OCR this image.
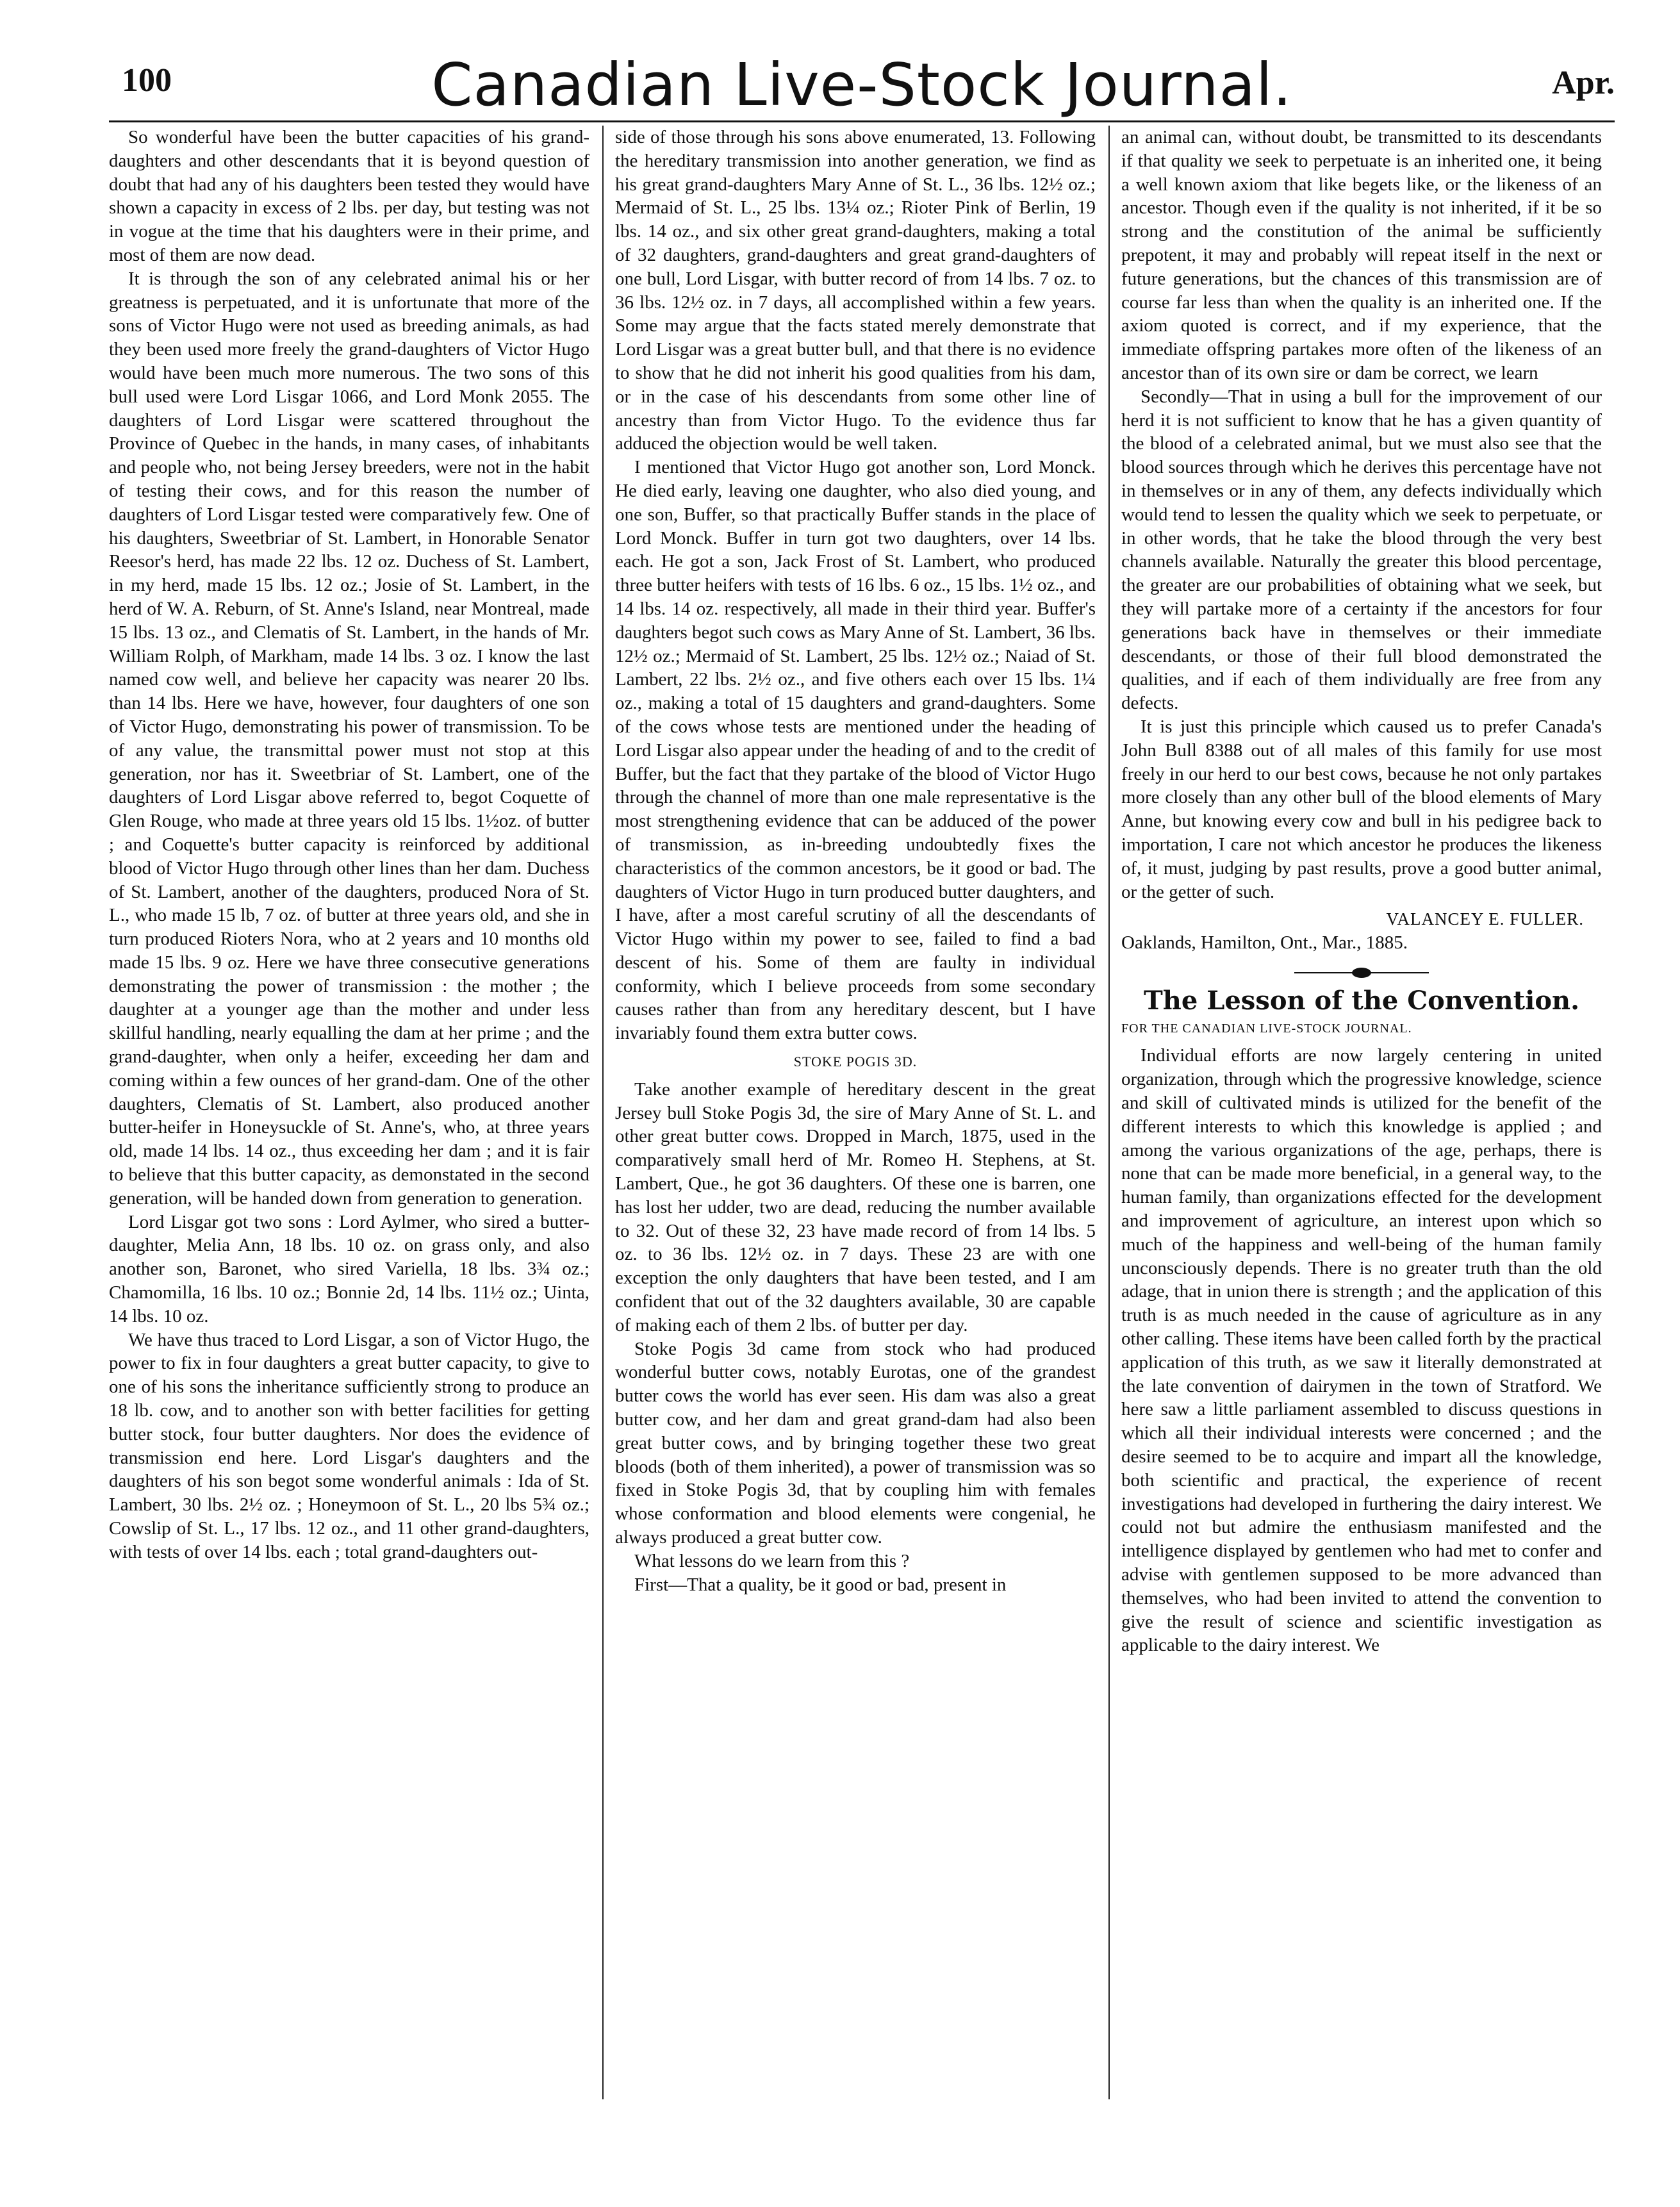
100	Canadian Live-Stock Journal.	Apr.

So wonderful have been the butter capacities of his grand-daughters and other descendants that it is beyond question of doubt that had any of his daughters been tested they would have shown a capacity in excess of 2 lbs. per day, but testing was not in vogue at the time that his daughters were in their prime, and most of them are now dead.

It is through the son of any celebrated animal his or her greatness is perpetuated, and it is unfortunate that more of the sons of Victor Hugo were not used as breeding animals, as had they been used more freely the grand-daughters of Victor Hugo would have been much more numerous. The two sons of this bull used were Lord Lisgar 1066, and Lord Monk 2055. The daughters of Lord Lisgar were scattered throughout the Province of Quebec in the hands, in many cases, of inhabitants and people who, not being Jersey breeders, were not in the habit of testing their cows, and for this reason the number of daughters of Lord Lisgar tested were comparatively few. One of his daughters, Sweetbriar of St. Lambert, in Honorable Senator Reesor's herd, has made 22 lbs. 12 oz. Duchess of St. Lambert, in my herd, made 15 lbs. 12 oz.; Josie of St. Lambert, in the herd of W. A. Reburn, of St. Anne's Island, near Montreal, made 15 lbs. 13 oz., and Clematis of St. Lambert, in the hands of Mr. William Rolph, of Markham, made 14 lbs. 3 oz. I know the last named cow well, and believe her capacity was nearer 20 lbs. than 14 lbs. Here we have, however, four daughters of one son of Victor Hugo, demonstrating his power of transmission. To be of any value, the transmittal power must not stop at this generation, nor has it. Sweetbriar of St. Lambert, one of the daughters of Lord Lisgar above referred to, begot Coquette of Glen Rouge, who made at three years old 15 lbs. 1½oz. of butter ; and Coquette's butter capacity is reinforced by additional blood of Victor Hugo through other lines than her dam. Duchess of St. Lambert, another of the daughters, produced Nora of St. L., who made 15 lb, 7 oz. of butter at three years old, and she in turn produced Rioters Nora, who at 2 years and 10 months old made 15 lbs. 9 oz. Here we have three consecutive generations demonstrating the power of transmission : the mother ; the daughter at a younger age than the mother and under less skillful handling, nearly equalling the dam at her prime ; and the grand-daughter, when only a heifer, exceeding her dam and coming within a few ounces of her grand-dam. One of the other daughters, Clematis of St. Lambert, also produced another butter-heifer in Honeysuckle of St. Anne's, who, at three years old, made 14 lbs. 14 oz., thus exceeding her dam ; and it is fair to believe that this butter capacity, as demonstated in the second generation, will be handed down from generation to generation.

Lord Lisgar got two sons : Lord Aylmer, who sired a butter-daughter, Melia Ann, 18 lbs. 10 oz. on grass only, and also another son, Baronet, who sired Variella, 18 lbs. 3¾ oz.; Chamomilla, 16 lbs. 10 oz.; Bonnie 2d, 14 lbs. 11½ oz.; Uinta, 14 lbs. 10 oz.

We have thus traced to Lord Lisgar, a son of Victor Hugo, the power to fix in four daughters a great butter capacity, to give to one of his sons the inheritance sufficiently strong to produce an 18 lb. cow, and to another son with better facilities for getting butter stock, four butter daughters. Nor does the evidence of transmission end here. Lord Lisgar's daughters and the daughters of his son begot some wonderful animals : Ida of St. Lambert, 30 lbs. 2½ oz. ; Honeymoon of St. L., 20 lbs 5¾ oz.; Cowslip of St. L., 17 lbs. 12 oz., and 11 other grand-daughters, with tests of over 14 lbs. each ; total grand-daughters out-

side of those through his sons above enumerated, 13. Following the hereditary transmission into another generation, we find as his great grand-daughters Mary Anne of St. L., 36 lbs. 12½ oz.; Mermaid of St. L., 25 lbs. 13¼ oz.; Rioter Pink of Berlin, 19 lbs. 14 oz., and six other great grand-daughters, making a total of 32 daughters, grand-daughters and great grand-daughters of one bull, Lord Lisgar, with butter record of from 14 lbs. 7 oz. to 36 lbs. 12½ oz. in 7 days, all accomplished within a few years. Some may argue that the facts stated merely demonstrate that Lord Lisgar was a great butter bull, and that there is no evidence to show that he did not inherit his good qualities from his dam, or in the case of his descendants from some other line of ancestry than from Victor Hugo. To the evidence thus far adduced the objection would be well taken.

I mentioned that Victor Hugo got another son, Lord Monck. He died early, leaving one daughter, who also died young, and one son, Buffer, so that practically Buffer stands in the place of Lord Monck. Buffer in turn got two daughters, over 14 lbs. each. He got a son, Jack Frost of St. Lambert, who produced three butter heifers with tests of 16 lbs. 6 oz., 15 lbs. 1½ oz., and 14 lbs. 14 oz. respectively, all made in their third year. Buffer's daughters begot such cows as Mary Anne of St. Lambert, 36 lbs. 12½ oz.; Mermaid of St. Lambert, 25 lbs. 12½ oz.; Naiad of St. Lambert, 22 lbs. 2½ oz., and five others each over 15 lbs. 1¼ oz., making a total of 15 daughters and grand-daughters. Some of the cows whose tests are mentioned under the heading of Lord Lisgar also appear under the heading of and to the credit of Buffer, but the fact that they partake of the blood of Victor Hugo through the channel of more than one male representative is the most strengthening evidence that can be adduced of the power of transmission, as in-breeding undoubtedly fixes the characteristics of the common ancestors, be it good or bad. The daughters of Victor Hugo in turn produced butter daughters, and I have, after a most careful scrutiny of all the descendants of Victor Hugo within my power to see, failed to find a bad descent of his. Some of them are faulty in individual conformity, which I believe proceeds from some secondary causes rather than from any hereditary descent, but I have invariably found them extra butter cows.

STOKE POGIS 3D.

Take another example of hereditary descent in the great Jersey bull Stoke Pogis 3d, the sire of Mary Anne of St. L. and other great butter cows. Dropped in March, 1875, used in the comparatively small herd of Mr. Romeo H. Stephens, at St. Lambert, Que., he got 36 daughters. Of these one is barren, one has lost her udder, two are dead, reducing the number available to 32. Out of these 32, 23 have made record of from 14 lbs. 5 oz. to 36 lbs. 12½ oz. in 7 days. These 23 are with one exception the only daughters that have been tested, and I am confident that out of the 32 daughters available, 30 are capable of making each of them 2 lbs. of butter per day.

Stoke Pogis 3d came from stock who had produced wonderful butter cows, notably Eurotas, one of the grandest butter cows the world has ever seen. His dam was also a great butter cow, and her dam and great grand-dam had also been great butter cows, and by bringing together these two great bloods (both of them inherited), a power of transmission was so fixed in Stoke Pogis 3d, that by coupling him with females whose conformation and blood elements were congenial, he always produced a great butter cow.

What lessons do we learn from this ?

First—That a quality, be it good or bad, present in

an animal can, without doubt, be transmitted to its descendants if that quality we seek to perpetuate is an inherited one, it being a well known axiom that like begets like, or the likeness of an ancestor. Though even if the quality is not inherited, if it be so strong and the constitution of the animal be sufficiently prepotent, it may and probably will repeat itself in the next or future generations, but the chances of this transmission are of course far less than when the quality is an inherited one. If the axiom quoted is correct, and if my experience, that the immediate offspring partakes more often of the likeness of an ancestor than of its own sire or dam be correct, we learn

Secondly—That in using a bull for the improvement of our herd it is not sufficient to know that he has a given quantity of the blood of a celebrated animal, but we must also see that the blood sources through which he derives this percentage have not in themselves or in any of them, any defects individually which would tend to lessen the quality which we seek to perpetuate, or in other words, that he take the blood through the very best channels available. Naturally the greater this blood percentage, the greater are our probabilities of obtaining what we seek, but they will partake more of a certainty if the ancestors for four generations back have in themselves or their immediate descendants, or those of their full blood demonstrated the qualities, and if each of them individually are free from any defects.

It is just this principle which caused us to prefer Canada's John Bull 8388 out of all males of this family for use most freely in our herd to our best cows, because he not only partakes more closely than any other bull of the blood elements of Mary Anne, but knowing every cow and bull in his pedigree back to importation, I care not which ancestor he produces the likeness of, it must, judging by past results, prove a good butter animal, or the getter of such.

VALANCEY E. FULLER.

Oaklands, Hamilton, Ont., Mar., 1885.

The Lesson of the Convention.

FOR THE CANADIAN LIVE-STOCK JOURNAL.

Individual efforts are now largely centering in united organization, through which the progressive knowledge, science and skill of cultivated minds is utilized for the benefit of the different interests to which this knowledge is applied ; and among the various organizations of the age, perhaps, there is none that can be made more beneficial, in a general way, to the human family, than organizations effected for the development and improvement of agriculture, an interest upon which so much of the happiness and well-being of the human family unconsciously depends. There is no greater truth than the old adage, that in union there is strength ; and the application of this truth is as much needed in the cause of agriculture as in any other calling. These items have been called forth by the practical application of this truth, as we saw it literally demonstrated at the late convention of dairymen in the town of Stratford. We here saw a little parliament assembled to discuss questions in which all their individual interests were concerned ; and the desire seemed to be to acquire and impart all the knowledge, both scientific and practical, the experience of recent investigations had developed in furthering the dairy interest. We could not but admire the enthusiasm manifested and the intelligence displayed by gentlemen who had met to confer and advise with gentlemen supposed to be more advanced than themselves, who had been invited to attend the convention to give the result of science and scientific investigation as applicable to the dairy interest. We
